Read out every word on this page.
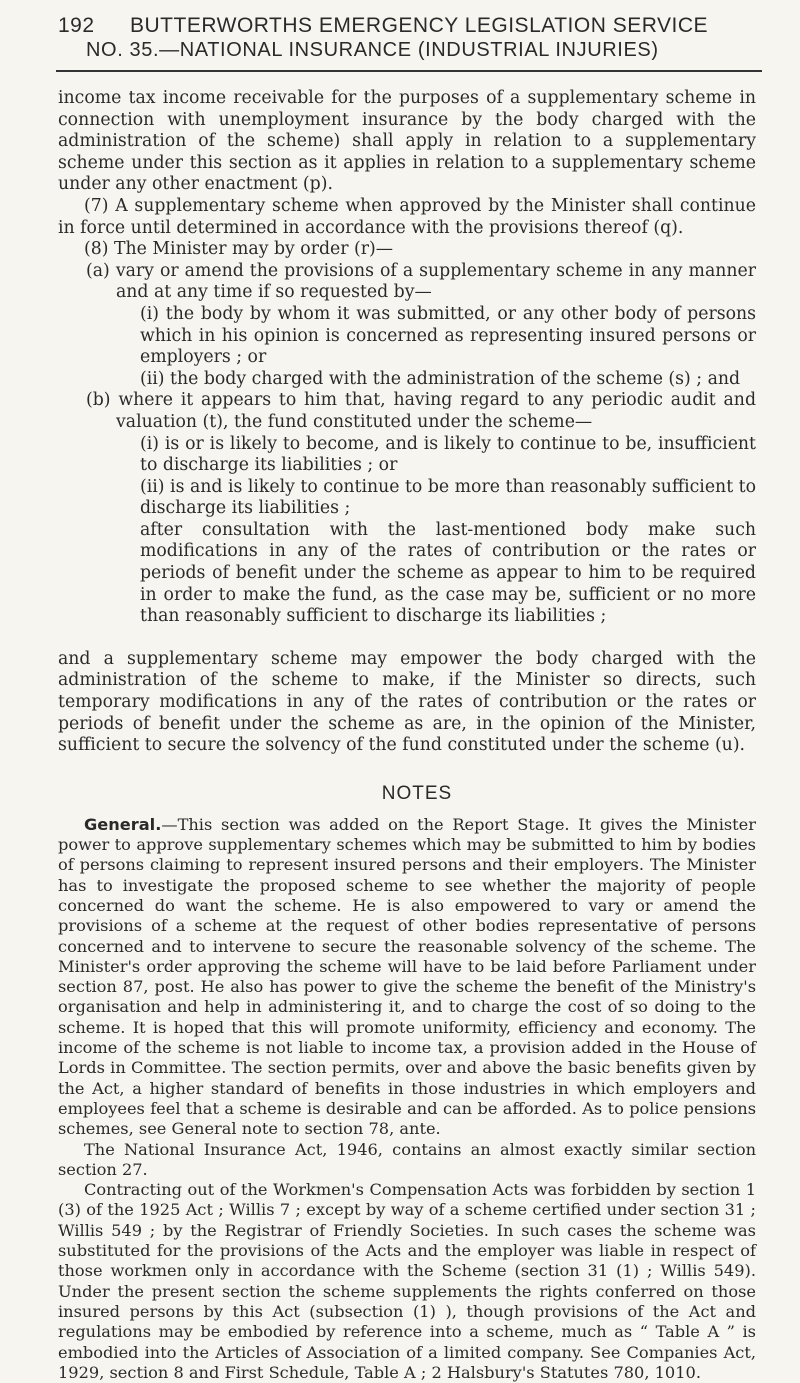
192 BUTTERWORTHS EMERGENCY LEGISLATION SERVICE
NO. 35.—NATIONAL INSURANCE (INDUSTRIAL INJURIES)

income tax income receivable for the purposes of a supplementary scheme in connection with unemployment insurance by the body charged with the administration of the scheme) shall apply in relation to a supplementary scheme under this section as it applies in relation to a supplementary scheme under any other enactment (p).

(7) A supplementary scheme when approved by the Minister shall continue in force until determined in accordance with the provisions thereof (q).

(8) The Minister may by order (r)—

(a) vary or amend the provisions of a supplementary scheme in any manner and at any time if so requested by—

(i) the body by whom it was submitted, or any other body of persons which in his opinion is concerned as representing insured persons or employers ; or

(ii) the body charged with the administration of the scheme (s) ; and

(b) where it appears to him that, having regard to any periodic audit and valuation (t), the fund constituted under the scheme—

(i) is or is likely to become, and is likely to continue to be, insufficient to discharge its liabilities ; or

(ii) is and is likely to continue to be more than reasonably sufficient to discharge its liabilities ;

after consultation with the last-mentioned body make such modifications in any of the rates of contribution or the rates or periods of benefit under the scheme as appear to him to be required in order to make the fund, as the case may be, sufficient or no more than reasonably sufficient to discharge its liabilities ;

and a supplementary scheme may empower the body charged with the administration of the scheme to make, if the Minister so directs, such temporary modifications in any of the rates of contribution or the rates or periods of benefit under the scheme as are, in the opinion of the Minister, sufficient to secure the solvency of the fund constituted under the scheme (u).

NOTES

General.—This section was added on the Report Stage. It gives the Minister power to approve supplementary schemes which may be submitted to him by bodies of persons claiming to represent insured persons and their employers. The Minister has to investigate the proposed scheme to see whether the majority of people concerned do want the scheme. He is also empowered to vary or amend the provisions of a scheme at the request of other bodies representative of persons concerned and to intervene to secure the reasonable solvency of the scheme. The Minister's order approving the scheme will have to be laid before Parliament under section 87, post. He also has power to give the scheme the benefit of the Ministry's organisation and help in administering it, and to charge the cost of so doing to the scheme. It is hoped that this will promote uniformity, efficiency and economy. The income of the scheme is not liable to income tax, a provision added in the House of Lords in Committee. The section permits, over and above the basic benefits given by the Act, a higher standard of benefits in those industries in which employers and employees feel that a scheme is desirable and can be afforded. As to police pensions schemes, see General note to section 78, ante.

The National Insurance Act, 1946, contains an almost exactly similar section section 27.

Contracting out of the Workmen's Compensation Acts was forbidden by section 1 (3) of the 1925 Act ; Willis 7 ; except by way of a scheme certified under section 31 ; Willis 549 ; by the Registrar of Friendly Societies. In such cases the scheme was substituted for the provisions of the Acts and the employer was liable in respect of those workmen only in accordance with the Scheme (section 31 (1) ; Willis 549). Under the present section the scheme supplements the rights conferred on those insured persons by this Act (subsection (1) ), though provisions of the Act and regulations may be embodied by reference into a scheme, much as “ Table A ” is embodied into the Articles of Association of a limited company. See Companies Act, 1929, section 8 and First Schedule, Table A ; 2 Halsbury's Statutes 780, 1010.
